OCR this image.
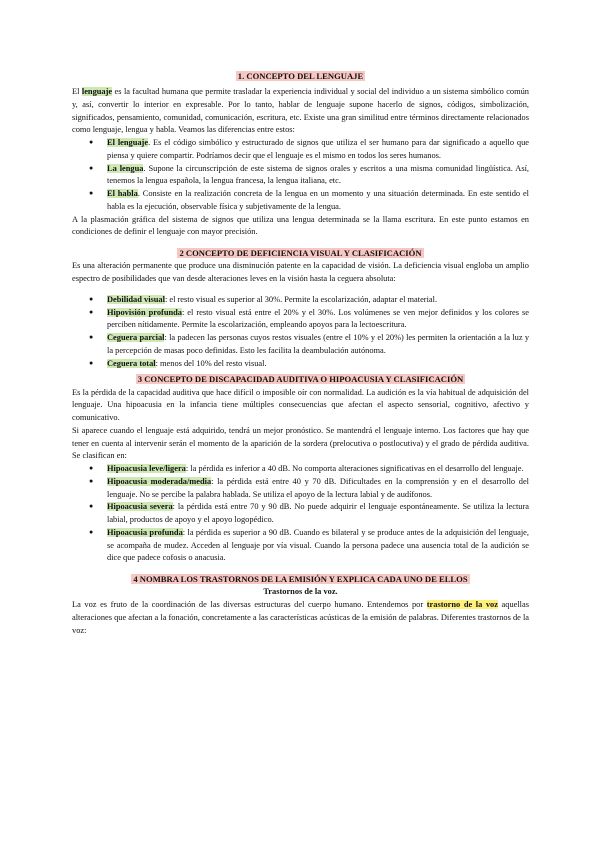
1. CONCEPTO DEL LENGUAJE

El lenguaje es la facultad humana que permite trasladar la experiencia individual y social del individuo a un sistema simbólico común y, así, convertir lo interior en expresable. Por lo tanto, hablar de lenguaje supone hacerlo de signos, códigos, simbolización, significados, pensamiento, comunidad, comunicación, escritura, etc. Existe una gran similitud entre términos directamente relacionados como lenguaje, lengua y habla. Veamos las diferencias entre estos:

● El lenguaje. Es el código simbólico y estructurado de signos que utiliza el ser humano para dar significado a aquello que piensa y quiere compartir. Podríamos decir que el lenguaje es el mismo en todos los seres humanos.
● La lengua. Supone la circunscripción de este sistema de signos orales y escritos a una misma comunidad lingüística. Así, tenemos la lengua española, la lengua francesa, la lengua italiana, etc.
● El habla. Consiste en la realización concreta de la lengua en un momento y una situación determinada. En este sentido el habla es la ejecución, observable física y subjetivamente de la lengua.

A la plasmación gráfica del sistema de signos que utiliza una lengua determinada se la llama escritura. En este punto estamos en condiciones de definir el lenguaje con mayor precisión.

2 CONCEPTO DE DEFICIENCIA VISUAL Y CLASIFICACIÓN

Es una alteración permanente que produce una disminución patente en la capacidad de visión. La deficiencia visual engloba un amplio espectro de posibilidades que van desde alteraciones leves en la visión hasta la ceguera absoluta:

● Debilidad visual: el resto visual es superior al 30%. Permite la escolarización, adaptar el material.
● Hipovisión profunda: el resto visual está entre el 20% y el 30%. Los volúmenes se ven mejor definidos y los colores se perciben nítidamente. Permite la escolarización, empleando apoyos para la lectoescritura.
● Ceguera parcial: la padecen las personas cuyos restos visuales (entre el 10% y el 20%) les permiten la orientación a la luz y la percepción de masas poco definidas. Esto les facilita la deambulación autónoma.
● Ceguera total: menos del 10% del resto visual.

3 CONCEPTO DE DISCAPACIDAD AUDITIVA O HIPOACUSIA Y CLASIFICACIÓN

Es la pérdida de la capacidad auditiva que hace difícil o imposible oír con normalidad. La audición es la vía habitual de adquisición del lenguaje. Una hipoacusia en la infancia tiene múltiples consecuencias que afectan el aspecto sensorial, cognitivo, afectivo y comunicativo.

Si aparece cuando el lenguaje está adquirido, tendrá un mejor pronóstico. Se mantendrá el lenguaje interno. Los factores que hay que tener en cuenta al intervenir serán el momento de la aparición de la sordera (prelocutiva o postlocutiva) y el grado de pérdida auditiva. Se clasifican en:

● Hipoacusia leve/ligera: la pérdida es inferior a 40 dB. No comporta alteraciones significativas en el desarrollo del lenguaje.
● Hipoacusia moderada/media: la pérdida está entre 40 y 70 dB. Dificultades en la comprensión y en el desarrollo del lenguaje. No se percibe la palabra hablada. Se utiliza el apoyo de la lectura labial y de audífonos.
● Hipoacusia severa: la pérdida está entre 70 y 90 dB. No puede adquirir el lenguaje espontáneamente. Se utiliza la lectura labial, productos de apoyo y el apoyo logopédico.
● Hipoacusia profunda: la pérdida es superior a 90 dB. Cuando es bilateral y se produce antes de la adquisición del lenguaje, se acompaña de mudez. Acceden al lenguaje por vía visual. Cuando la persona padece una ausencia total de la audición se dice que padece cofosis o anacusia.

4 NOMBRA LOS TRASTORNOS DE LA EMISIÓN Y EXPLICA CADA UNO DE ELLOS

Trastornos de la voz.

La voz es fruto de la coordinación de las diversas estructuras del cuerpo humano. Entendemos por trastorno de la voz aquellas alteraciones que afectan a la fonación, concretamente a las características acústicas de la emisión de palabras. Diferentes trastornos de la voz:
